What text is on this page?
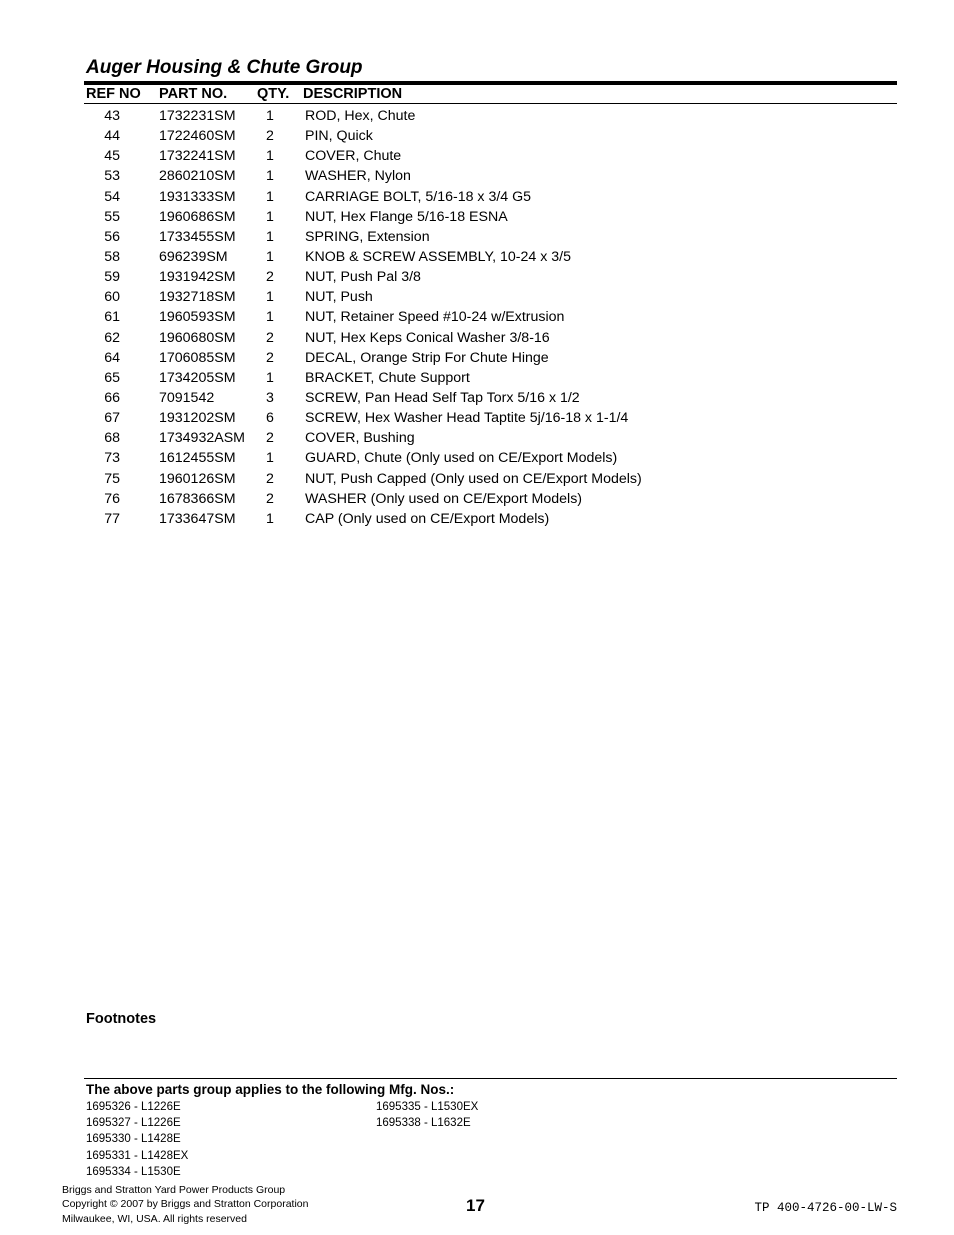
Auger Housing & Chute Group
REF NO PART NO. QTY. DESCRIPTION
43	1732231SM 1 ROD, Hex, Chute
44	1722460SM 2 PIN, Quick
45	1732241SM 1 COVER, Chute
53	2860210SM 1 WASHER, Nylon
54	1931333SM 1 CARRIAGE BOLT, 5/16-18 x 3/4 G5
55	1960686SM 1 NUT, Hex Flange 5/16-18 ESNA
56	1733455SM 1 SPRING, Extension
58	696239SM	1 KNOB & SCREW ASSEMBLY, 10-24 x 3/5
59	1931942SM 2 NUT, Push Pal 3/8
60	1932718SM 1 NUT, Push
61	1960593SM 1 NUT, Retainer Speed #10-24 w/Extrusion
62	1960680SM 2 NUT, Hex Keps Conical Washer 3/8-16
64	1706085SM 2 DECAL, Orange Strip For Chute Hinge
65	1734205SM 1 BRACKET, Chute Support
66	7091542	3 SCREW, Pan Head Self Tap Torx 5/16 x 1/2
67	1931202SM 6 SCREW, Hex Washer Head Taptite 5j/16-18 x 1-1/4
68	1734932ASM 2 COVER, Bushing
73	1612455SM 1 GUARD, Chute (Only used on CE/Export Models)
75	1960126SM 2 NUT, Push Capped (Only used on CE/Export Models)
76	1678366SM 2 WASHER (Only used on CE/Export Models)
77	1733647SM 1 CAP (Only used on CE/Export Models)
Footnotes
The above parts group applies to the following Mfg. Nos.:
1695326 - L1226E
1695327 - L1226E
1695330 - L1428E
1695331 - L1428EX
1695334 - L1530E
1695335 - L1530EX
1695338 - L1632E
Briggs and Stratton Yard Power Products Group
Copyright © 2007 by Briggs and Stratton Corporation
Milwaukee, WI, USA. All rights reserved
17	TP 400-4726-00-LW-S
